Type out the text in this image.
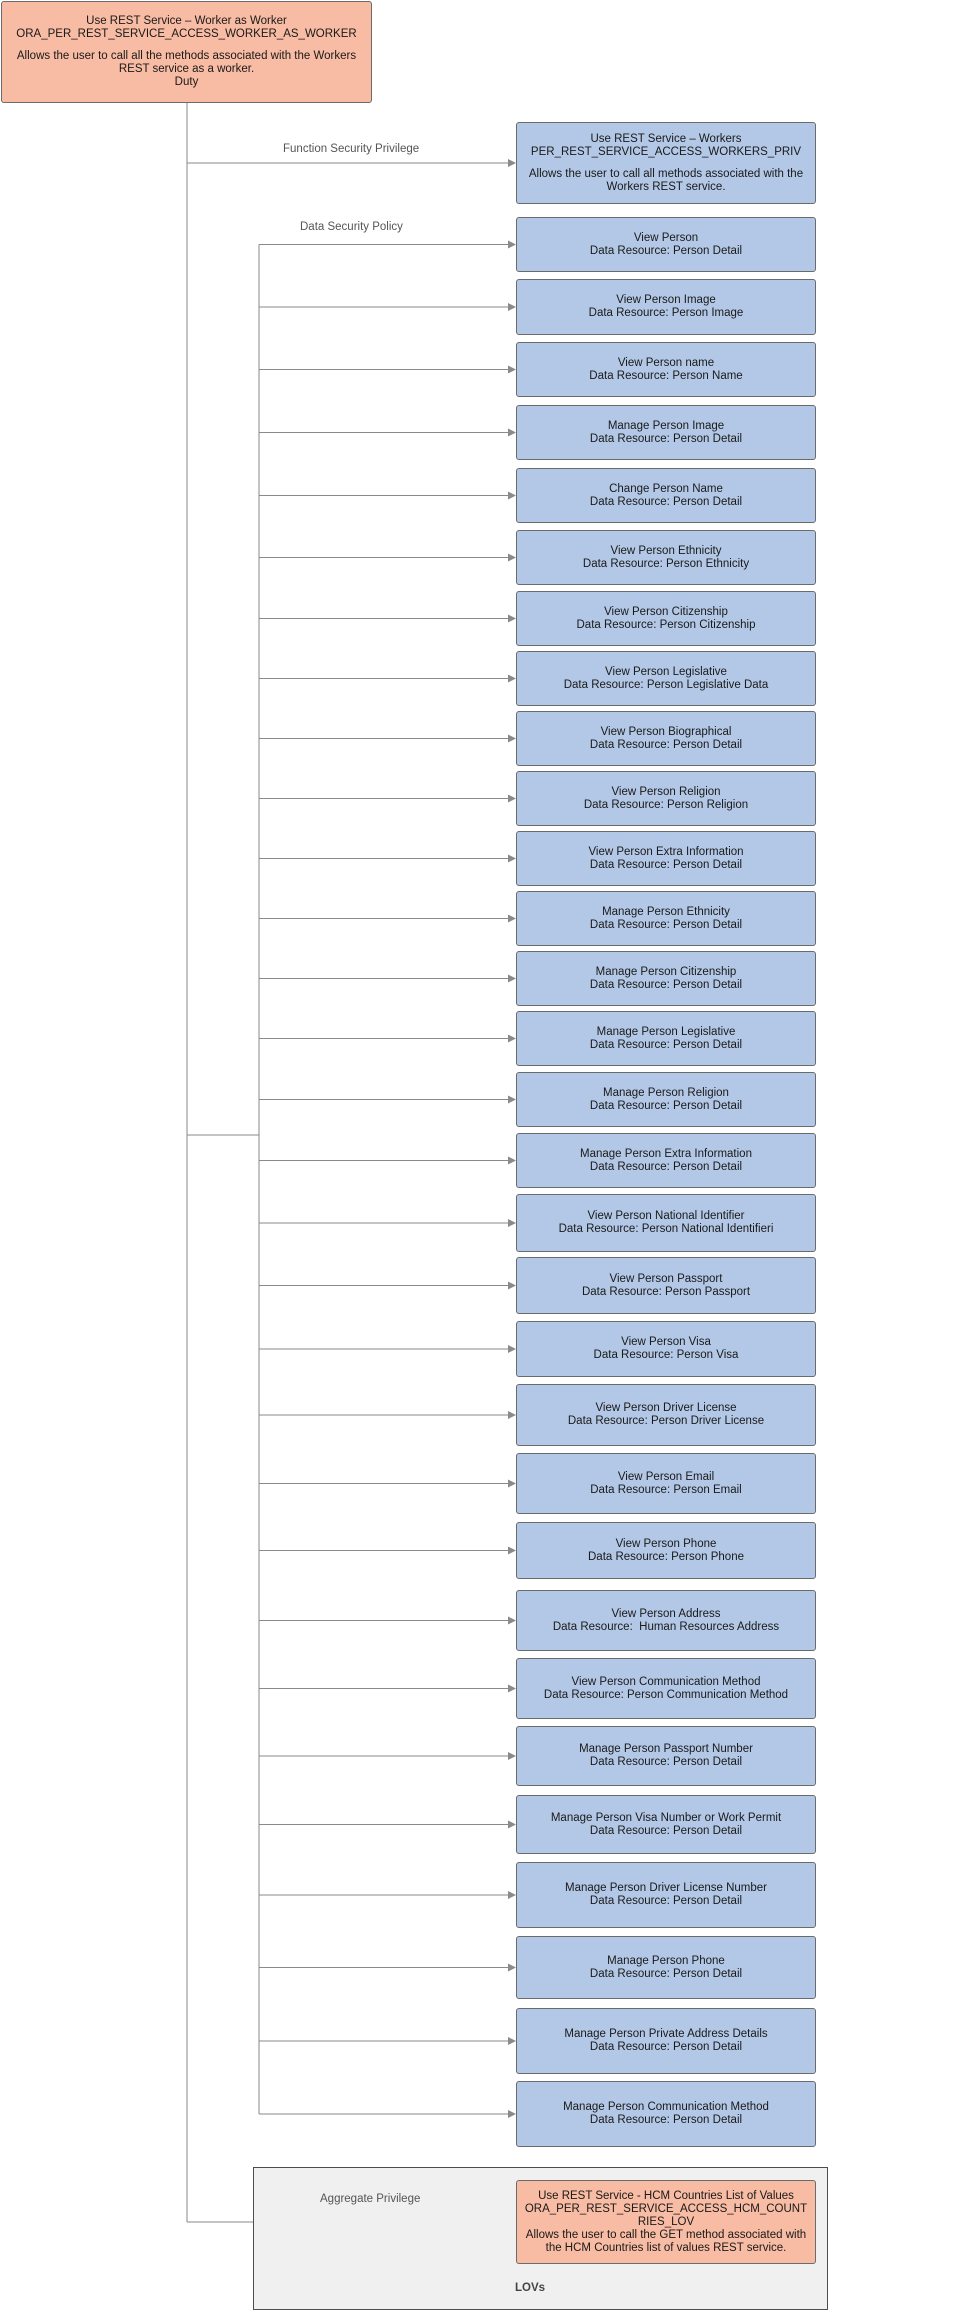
LOVs
Use REST Service – Worker as Worker
ORA_PER_REST_SERVICE_ACCESS_WORKER_AS_WORKER
Allows the user to call all the methods associated with the Workers
REST service as a worker.
Duty
Function Security Privilege
Data Security Policy
Aggregate Privilege
Use REST Service – Workers
PER_REST_SERVICE_ACCESS_WORKERS_PRIV
Allows the user to call all methods associated with the
Workers REST service.
View Person
Data Resource: Person Detail
View Person Image
Data Resource: Person Image
View Person name
Data Resource: Person Name
Manage Person Image
Data Resource: Person Detail
Change Person Name
Data Resource: Person Detail
View Person Ethnicity
Data Resource: Person Ethnicity
View Person Citizenship
Data Resource: Person Citizenship
View Person Legislative
Data Resource: Person Legislative Data
View Person Biographical
Data Resource: Person Detail
View Person Religion
Data Resource: Person Religion
View Person Extra Information
Data Resource: Person Detail
Manage Person Ethnicity
Data Resource: Person Detail
Manage Person Citizenship
Data Resource: Person Detail
Manage Person Legislative
Data Resource: Person Detail
Manage Person Religion
Data Resource: Person Detail
Manage Person Extra Information
Data Resource: Person Detail
View Person National Identifier
Data Resource: Person National Identifieri
View Person Passport
Data Resource: Person Passport
View Person Visa
Data Resource: Person Visa
View Person Driver License
Data Resource: Person Driver License
View Person Email
Data Resource: Person Email
View Person Phone
Data Resource: Person Phone
View Person Address
Data Resource:  Human Resources Address
View Person Communication Method
Data Resource: Person Communication Method
Manage Person Passport Number
Data Resource: Person Detail
Manage Person Visa Number or Work Permit
Data Resource: Person Detail
Manage Person Driver License Number
Data Resource: Person Detail
Manage Person Phone
Data Resource: Person Detail
Manage Person Private Address Details
Data Resource: Person Detail
Manage Person Communication Method
Data Resource: Person Detail
Use REST Service - HCM Countries List of Values
ORA_PER_REST_SERVICE_ACCESS_HCM_COUNT
RIES_LOV
Allows the user to call the GET method associated with
the HCM Countries list of values REST service.
